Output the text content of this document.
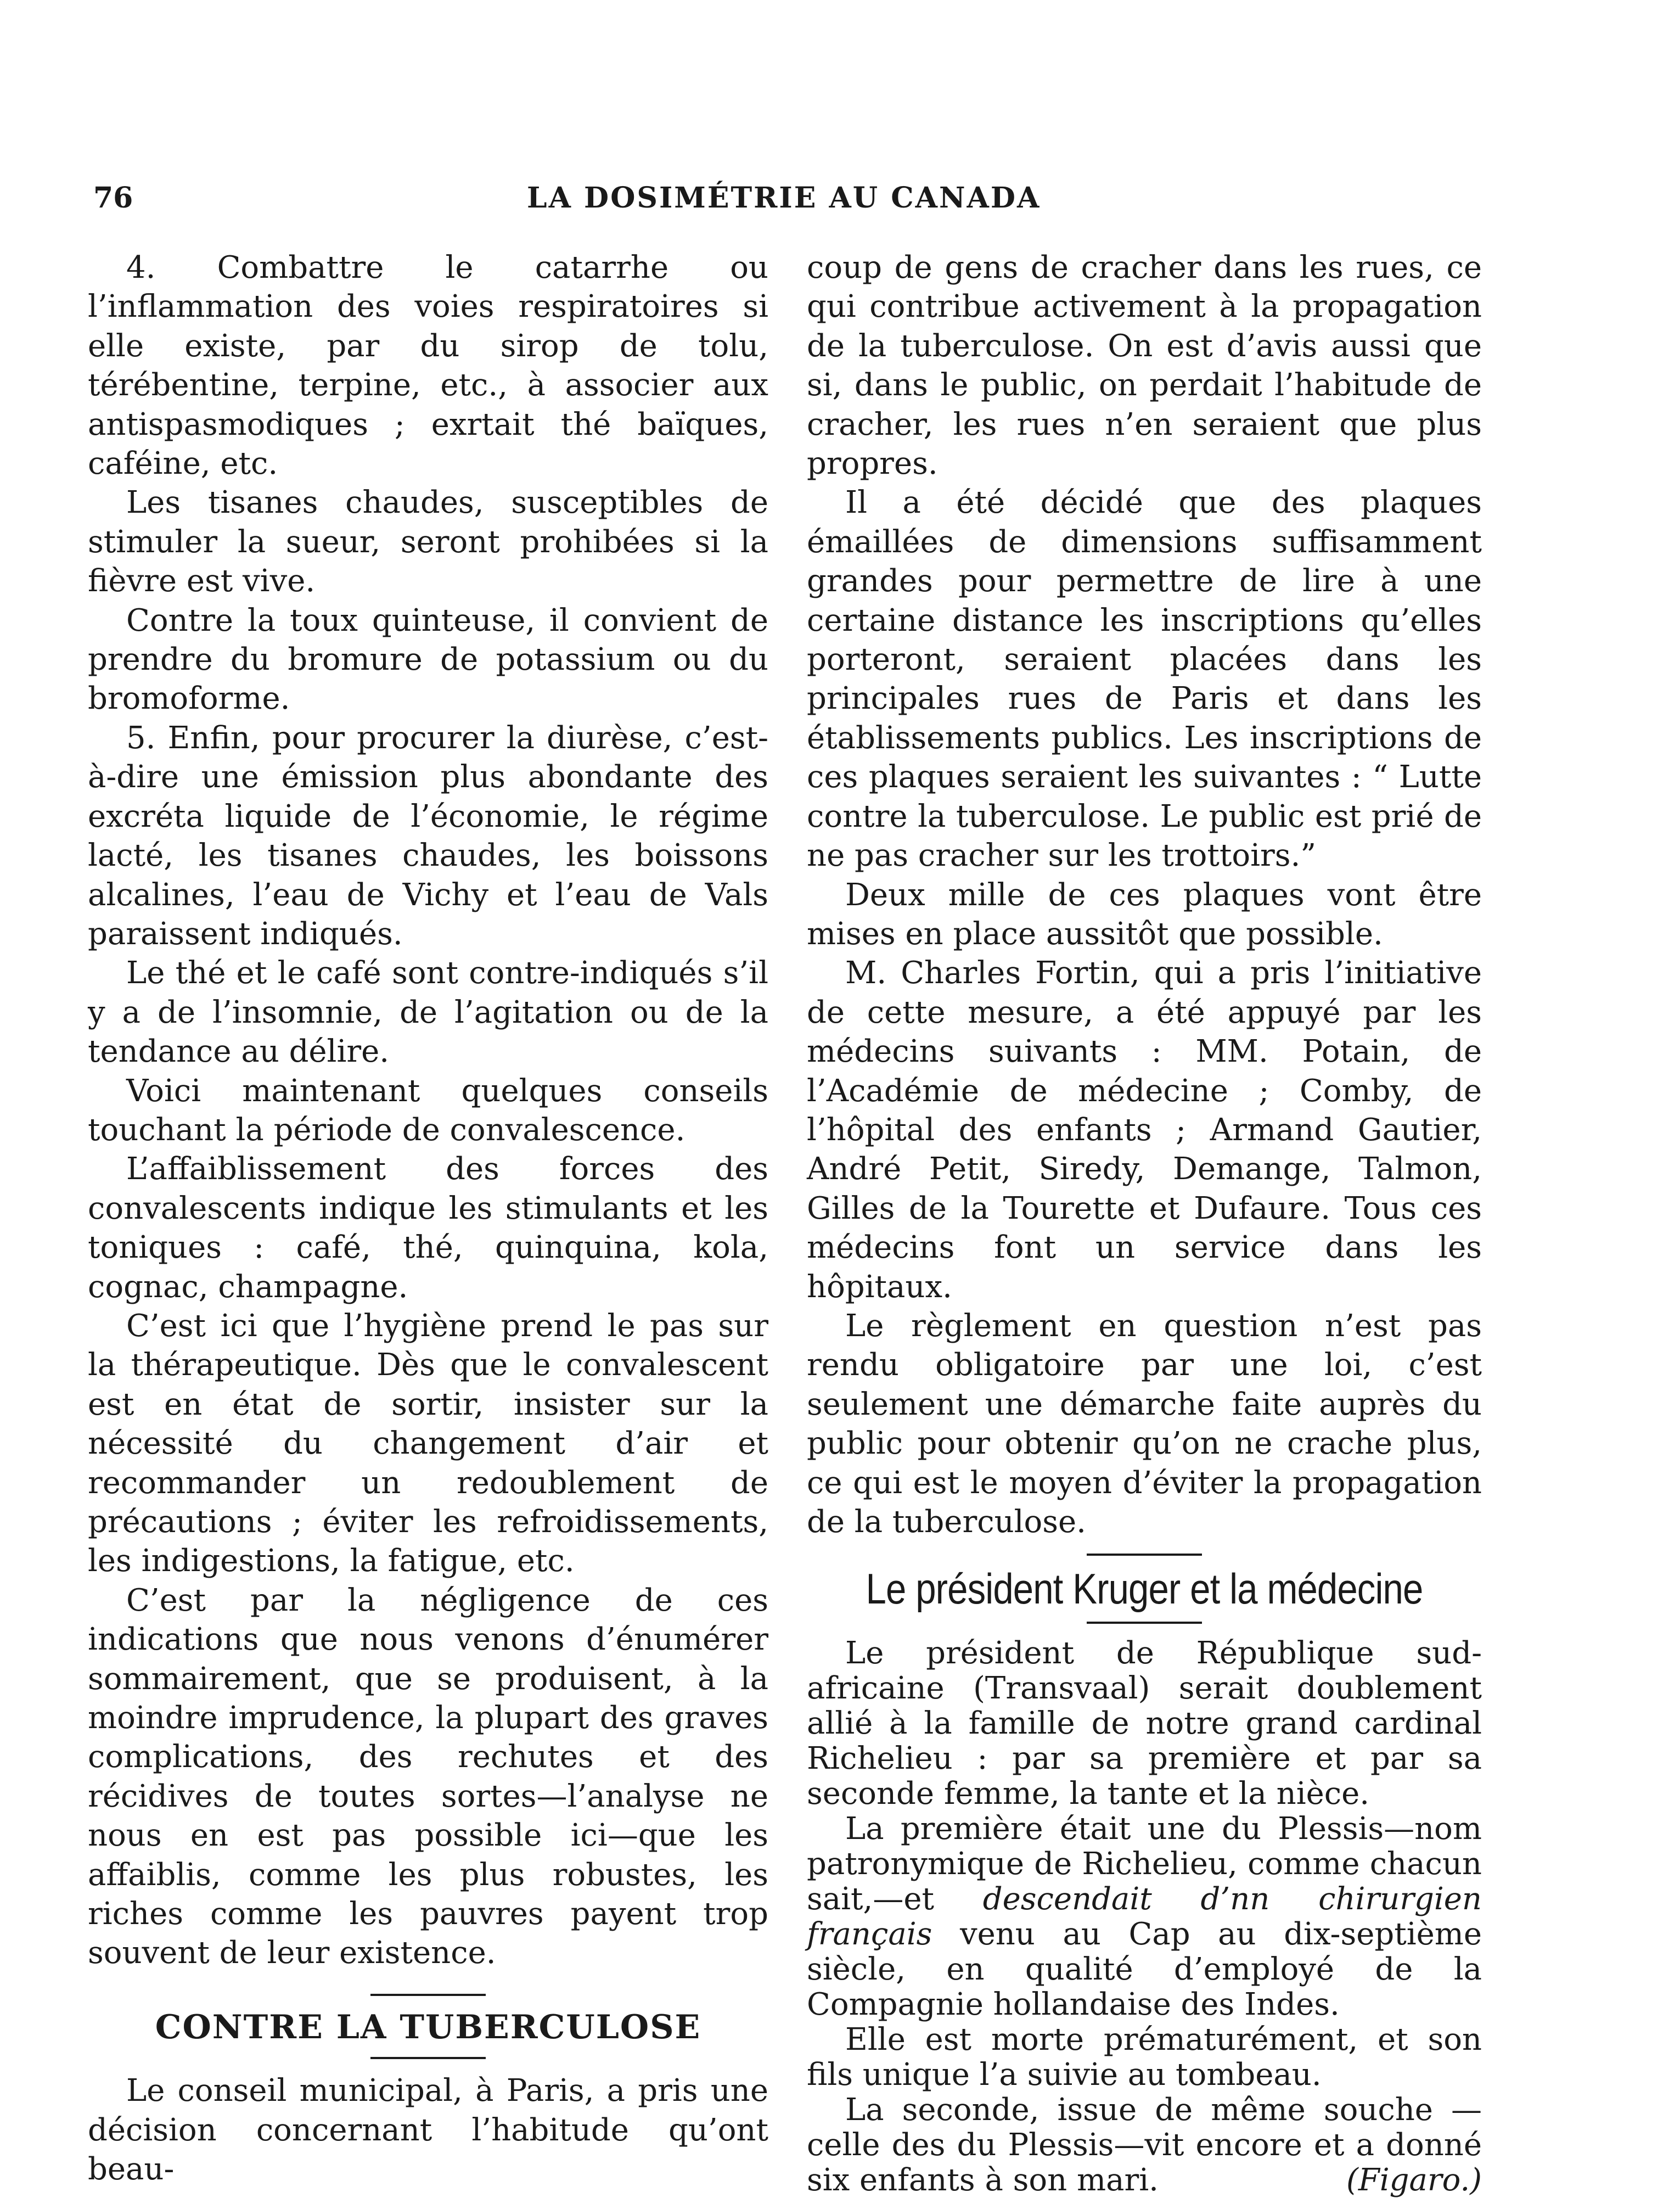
76	LA DOSIMÉTRIE AU CANADA

4. Combattre le catarrhe ou l’inflammation des voies respiratoires si elle existe, par du sirop de tolu, térébentine, terpine, etc., à associer aux antispasmodiques ; exrtait thé baïques, caféine, etc.

Les tisanes chaudes, susceptibles de stimuler la sueur, seront prohibées si la fièvre est vive.

Contre la toux quinteuse, il convient de prendre du bromure de potassium ou du bromoforme.

5. Enfin, pour procurer la diurèse, c’est-à-dire une émission plus abondante des excréta liquide de l’économie, le régime lacté, les tisanes chaudes, les boissons alcalines, l’eau de Vichy et l’eau de Vals paraissent indiqués.

Le thé et le café sont contre-indiqués s’il y a de l’insomnie, de l’agitation ou de la tendance au délire.

Voici maintenant quelques conseils touchant la période de convalescence.

L’affaiblissement des forces des convalescents indique les stimulants et les toniques : café, thé, quinquina, kola, cognac, champagne.

C’est ici que l’hygiène prend le pas sur la thérapeutique. Dès que le convalescent est en état de sortir, insister sur la nécessité du changement d’air et recommander un redoublement de précautions ; éviter les refroidissements, les indigestions, la fatigue, etc.

C’est par la négligence de ces indications que nous venons d’énumérer sommairement, que se produisent, à la moindre imprudence, la plupart des graves complications, des rechutes et des récidives de toutes sortes—l’analyse ne nous en est pas possible ici—que les affaiblis, comme les plus robustes, les riches comme les pauvres payent trop souvent de leur existence.

CONTRE LA TUBERCULOSE

Le conseil municipal, à Paris, a pris une décision concernant l’habitude qu’ont beau-

coup de gens de cracher dans les rues, ce qui contribue activement à la propagation de la tuberculose. On est d’avis aussi que si, dans le public, on perdait l’habitude de cracher, les rues n’en seraient que plus propres.

Il a été décidé que des plaques émaillées de dimensions suffisamment grandes pour permettre de lire à une certaine distance les inscriptions qu’elles porteront, seraient placées dans les principales rues de Paris et dans les établissements publics. Les inscriptions de ces plaques seraient les suivantes : “ Lutte contre la tuberculose. Le public est prié de ne pas cracher sur les trottoirs.”

Deux mille de ces plaques vont être mises en place aussitôt que possible.

M. Charles Fortin, qui a pris l’initiative de cette mesure, a été appuyé par les médecins suivants : MM. Potain, de l’Académie de médecine ; Comby, de l’hôpital des enfants ; Armand Gautier, André Petit, Siredy, Demange, Talmon, Gilles de la Tourette et Dufaure. Tous ces médecins font un service dans les hôpitaux.

Le règlement en question n’est pas rendu obligatoire par une loi, c’est seulement une démarche faite auprès du public pour obtenir qu’on ne crache plus, ce qui est le moyen d’éviter la propagation de la tuberculose.

Le président Kruger et la médecine

Le président de République sud-africaine (Transvaal) serait doublement allié à la famille de notre grand cardinal Richelieu : par sa première et par sa seconde femme, la tante et la nièce.

La première était une du Plessis—nom patronymique de Richelieu, comme chacun sait,—et descendait d’nn chirurgien français venu au Cap au dix-septième siècle, en qualité d’employé de la Compagnie hollandaise des Indes.

Elle est morte prématurément, et son fils unique l’a suivie au tombeau.

La seconde, issue de même souche — celle des du Plessis—vit encore et a donné six enfants à son mari.	(Figaro.)
